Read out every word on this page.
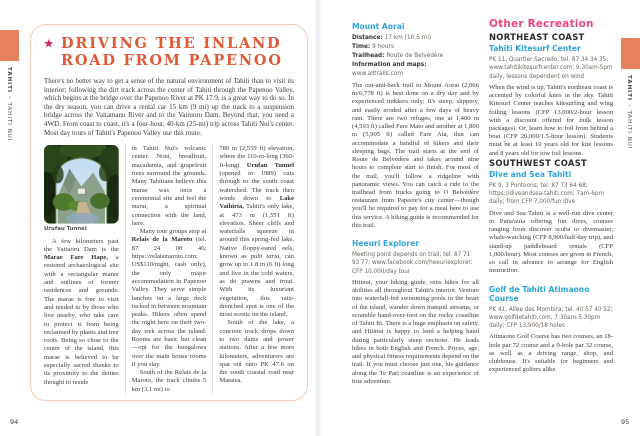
TAHITI • TAHITI NUI
TAHITI • TAHITI NUI
★ DRIVING THE INLAND ROAD FROM PAPENOO

There's no better way to get a sense of the natural environment of Tahiti than to visit its interior; following the dirt track across the center of Tahiti through the Papenoo Valley, which begins at the bridge over the Papenoo River at PK 17.9, is a great way to do so. In the dry season, you can drive a rental car 15 km (9 mi) up the track to a suspension bridge across the Vaitamanu River and to the Vaituoru Dam. Beyond that, you need a 4WD. From coast to coast, it's a four-hour, 40-km (25-mi) trip across Tahiti Nui's center. Most day tours of Tahiti's Papenoo Valley use this route.

Urufau Tunnel

A few kilometers past the Vaituoru Dam is the Marae Fare Hape, a restored archaeological site with a rectangular marae and outlines of former residences and grounds. The marae is free to visit and tended to by those who live nearby, who take care to protect it from being reclaimed by plants and tree roots. Being so close to the center of the island, this marae is believed to be especially sacred thanks to its proximity to the deities thought to reside

in Tahiti Nui's volcanic center. Noni, breadfruit, macadamia, and grapefruit trees surround the grounds. Many Tahitians believe this marae was once a ceremonial site and feel the mana, a spiritual connection with the land, here.

Many tour groups stop at Relais de la Maroto (tel. 87 24 08 46; https://relaismaroto.com; US$110/night, cash only), the only major accommodation in Papenoo Valley. They serve simple lunches on a large deck tucked in between mountain peaks. Hikers often spend the night here on their two-day trek across the island. Rooms are basic but clean—opt for the bungalows over the main house rooms if you stay.

South of the Relais de la Maroto, the track climbs 5 km (3.1 mi) to

780 m (2,559 ft) elevation, where the 110-m-long (360-ft-long) Urufau Tunnel (opened in 1989) cuts through to the south coast watershed. The track then winds down to Lake Vaihiria, Tahiti's only lake, at 473 m (1,551 ft) elevation. Sheer cliffs and waterfalls squeeze in around this spring-fed lake. Native floppy-eared eels, known as puhi taria, can grow up to 1.8 m (6 ft) long and live in the cold waters, as do prawns and trout. With its luxuriant vegetation, this rain-drenched spot is one of the most scenic on the island.

South of the lake, a concrete track drops down to two dams and power stations. After a few more kilometers, adventurers are spat out onto PK 47.6 on the south coastal road near Mataiea.

Mount Aorai
Distance: 17 km (10.5 mi)
Time: 9 hours
Trailhead: Route de Belvédère
Information and maps: www.alltrails.com

The out-and-back trail to Mount Aorai (2,066 m/6,778 ft) is best done on a dry day and by experienced trekkers only: It's steep, slippery, and easily eroded after a few days of heavy rain. There are two refuges, one at 1,400 m (4,593 ft) called Fare Mato and another at 1,800 m (5,905 ft) called Fare Ata, that can accommodate a handful of hikers and their sleeping bags. The trail starts at the end of Route de Belvédère and takes around nine hours to complete start to finish. For most of the trail, you'll follow a ridgeline with panoramic views. You can catch a ride to the trailhead from trucks going to O Belvédère restaurant from Papeete's city center—though you'll be required to pay for a meal here to use this service. A hiking guide is recommended for this trail.

Heeuri Explorer

Meeting point depends on trail; tel. 87 71 93 77; www.facebook.com/heeuriexplorer; CFP 10,000/day tour

Hitinui, your hiking guide, runs hikes for all abilities all throughout Tahiti's interior. Venture into waterfall-fed swimming pools in the heart of the island, wander down tranquil streams, or scramble hand-over-foot on the rocky coastline of Tahiti Iti. There is a huge emphasis on safety, and Hitinui is happy to lend a helping hand during particularly steep sections. He leads hikes in both English and French. Prices, age, and physical fitness requirements depend on the trail. If you must choose just one, his guidance along the Te Pari coastline is an experience of true adventure.

Other Recreation
NORTHEAST COAST
Tahiti Kitesurf Center

PK 11, Quartier Sacredo; tel. 87 34 34 35; www.tahitikitesurfcenter.com; 9:30am-5pm daily, lessons dependent on wind

When the wind is up, Tahiti's northeast coast is accented by colorful kites in the sky. Tahiti Kitesurf Center teaches kitesurfing and wing foiling lessons (CFP 13,000/2-hour lesson with a discount offered for bulk lesson packages). Or, learn how to foil from behind a boat (CFP 20,000/1.5-hour lesson). Students must be at least 10 years old for kite lessons and 8 years old for tow foil lessons.

SOUTHWEST COAST
Dive and Sea Tahiti

PK 9, 3 Pontoons; tel. 87 73 64 68; https://diveandsea-tahiti.com; 7am-6pm daily; from CFP 7,000/fun dive

Dive and Sea Tahiti is a well-run dive center in Puna'auia offering fun dives, courses ranging from discover scuba to divemaster, whale-watching (CFP 8,900/half-day trip), and stand-up paddleboard rentals (CFP 1,000/hour). Most courses are given in French, so call in advance to arrange for English instruction.

Golf de Tahiti Atimaono Course

PK 41, Allée des Mombira; tel. 40 57 40 52; www.golfdetahiti.com; 7:30am-5:30pm daily; CFP 13,900/18 holes

Atimaono Golf Course has two courses, an 18-hole par 72 course and a 9-hole par 32 course, as well as a driving range, shop, and clubhouse. It's suitable for beginners and experienced golfers alike.

94	95
